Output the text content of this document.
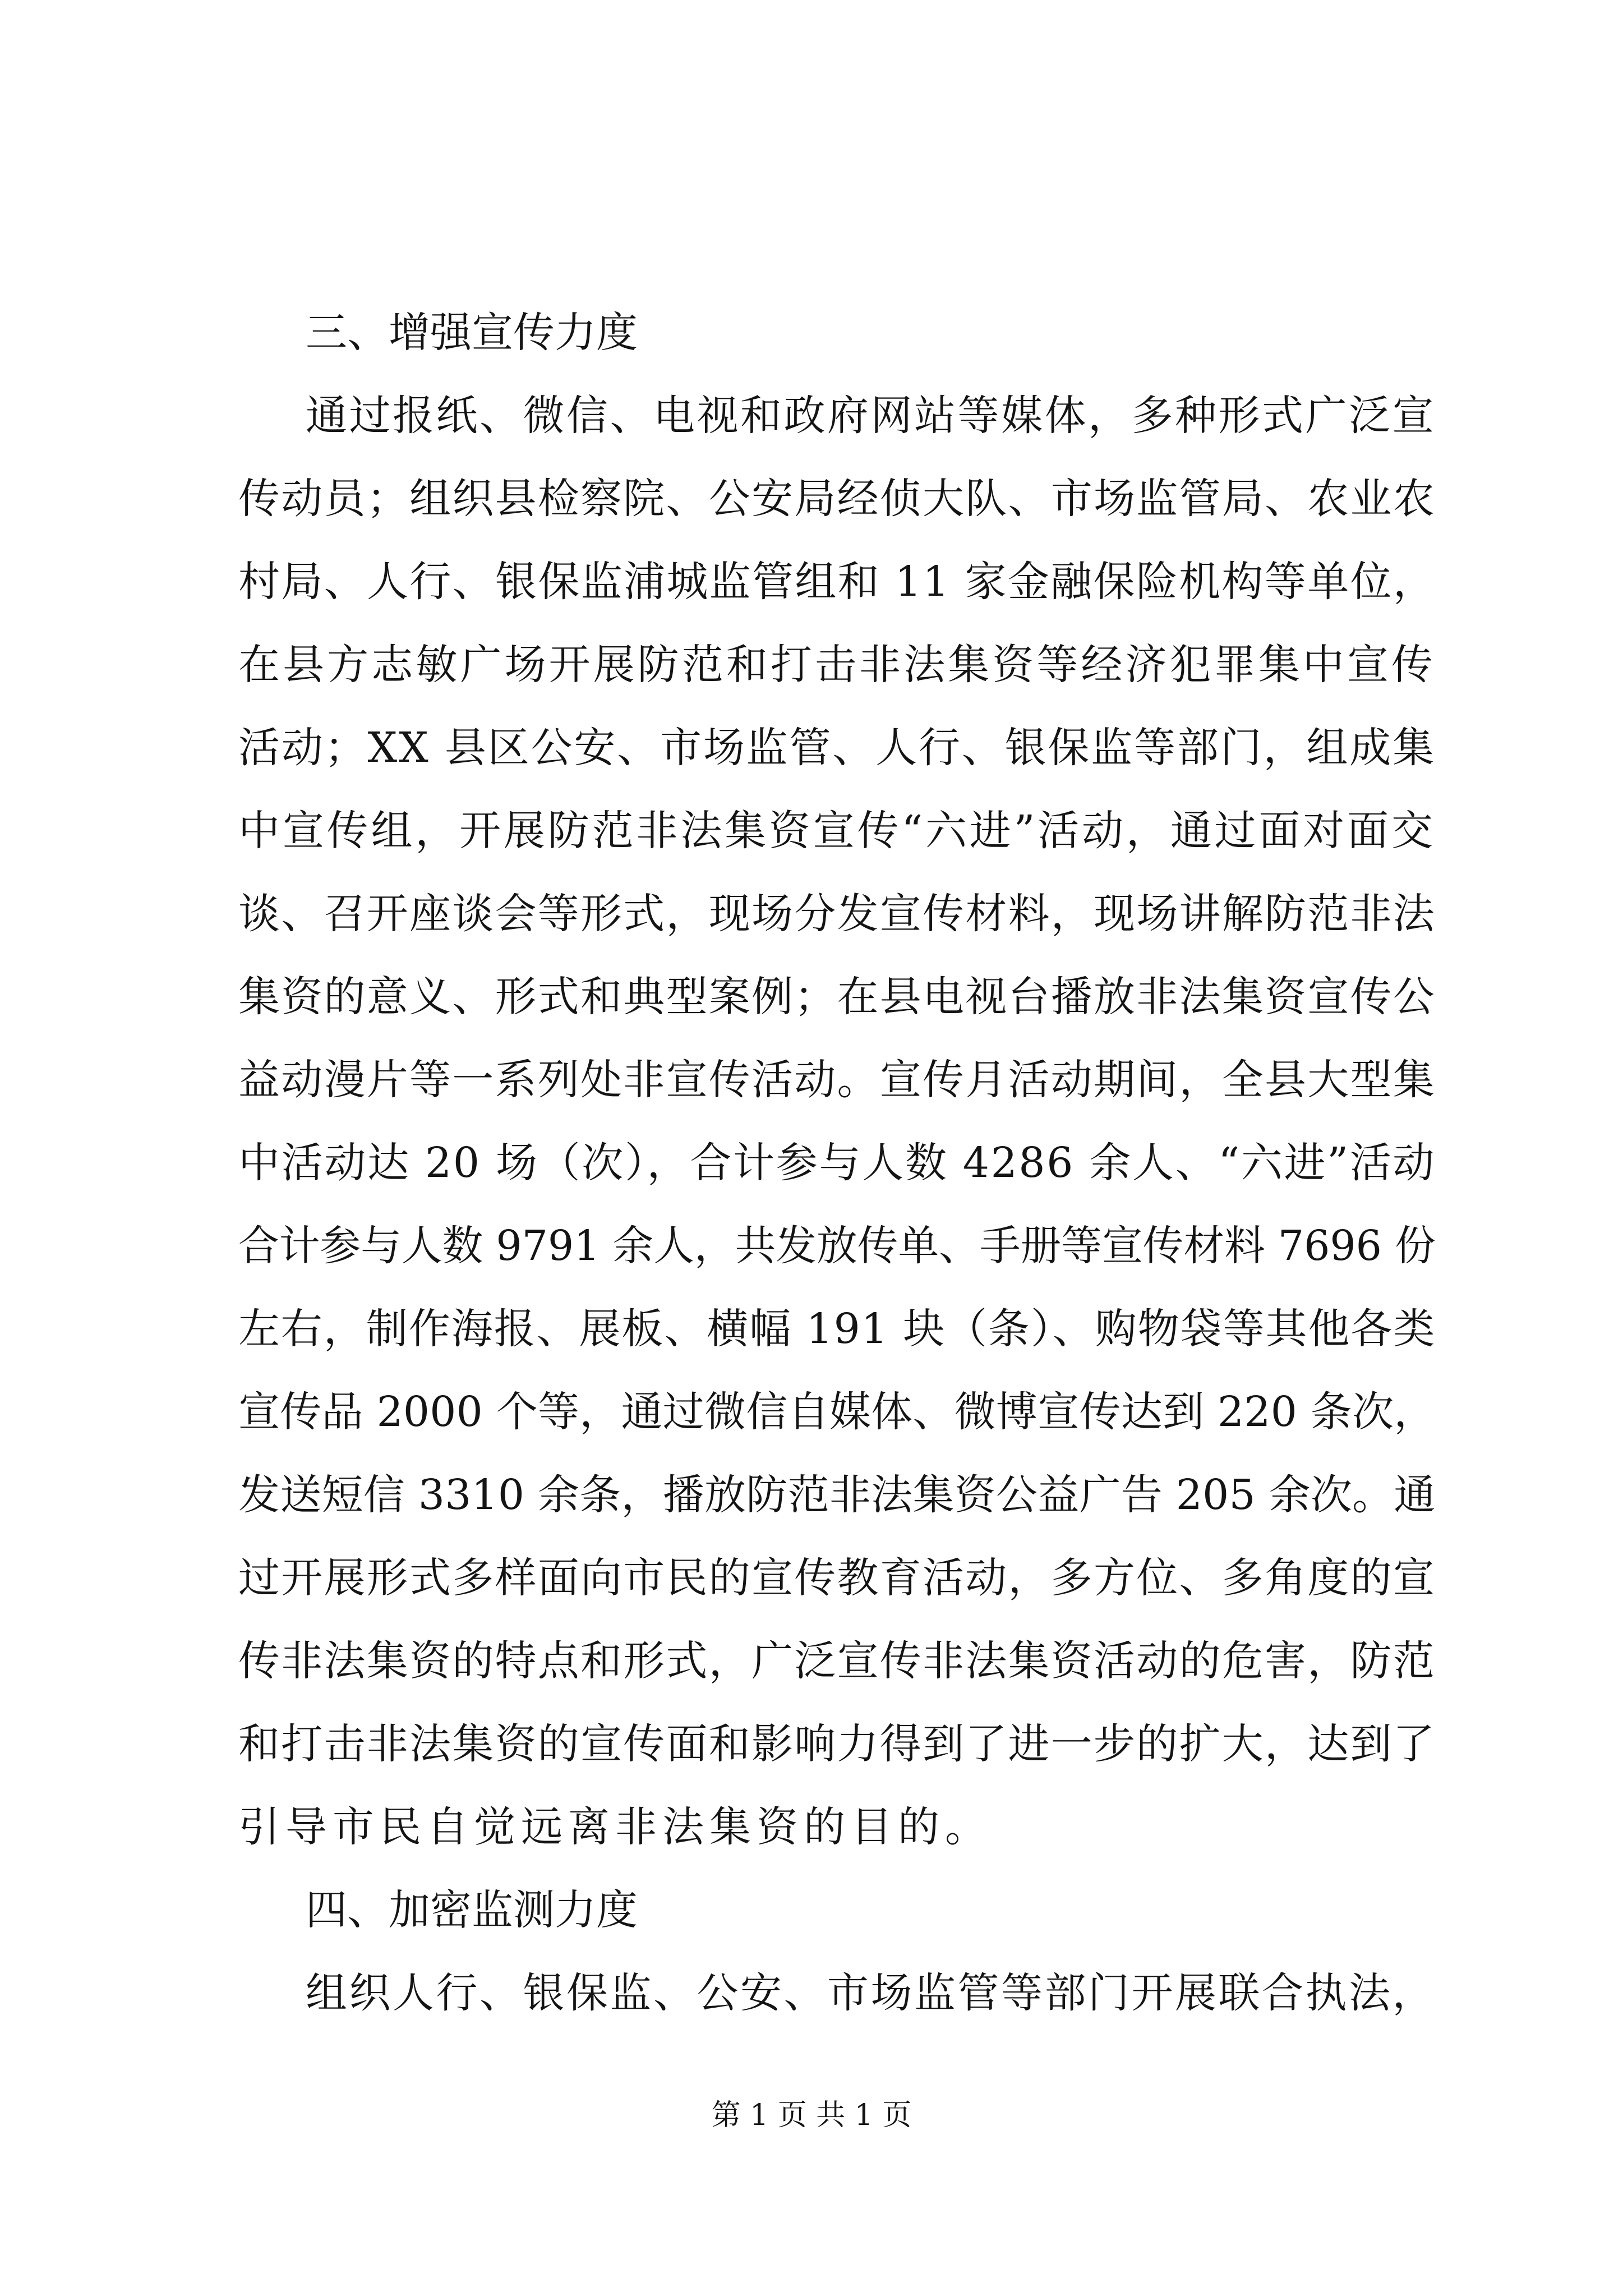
三、增强宣传力度
通过报纸、微信、电视和政府网站等媒体，多种形式广泛宣
传动员；组织县检察院、公安局经侦大队、市场监管局、农业农
村局、人行、银保监浦城监管组和 11 家金融保险机构等单位，
在县方志敏广场开展防范和打击非法集资等经济犯罪集中宣传
活动；XX 县区公安、市场监管、人行、银保监等部门，组成集
中宣传组，开展防范非法集资宣传“六进”活动，通过面对面交
谈、召开座谈会等形式，现场分发宣传材料，现场讲解防范非法
集资的意义、形式和典型案例；在县电视台播放非法集资宣传公
益动漫片等一系列处非宣传活动。宣传月活动期间，全县大型集
中活动达 20 场（次），合计参与人数 4286 余人、“六进”活动
合计参与人数 9791 余人，共发放传单、手册等宣传材料 7696 份
左右，制作海报、展板、横幅 191 块（条）、购物袋等其他各类
宣传品 2000 个等，通过微信自媒体、微博宣传达到 220 条次，
发送短信 3310 余条，播放防范非法集资公益广告 205 余次。通
过开展形式多样面向市民的宣传教育活动，多方位、多角度的宣
传非法集资的特点和形式，广泛宣传非法集资活动的危害，防范
和打击非法集资的宣传面和影响力得到了进一步的扩大，达到了
引导市民自觉远离非法集资的目的。
四、加密监测力度
组织人行、银保监、公安、市场监管等部门开展联合执法，
第 1 页 共 1 页
